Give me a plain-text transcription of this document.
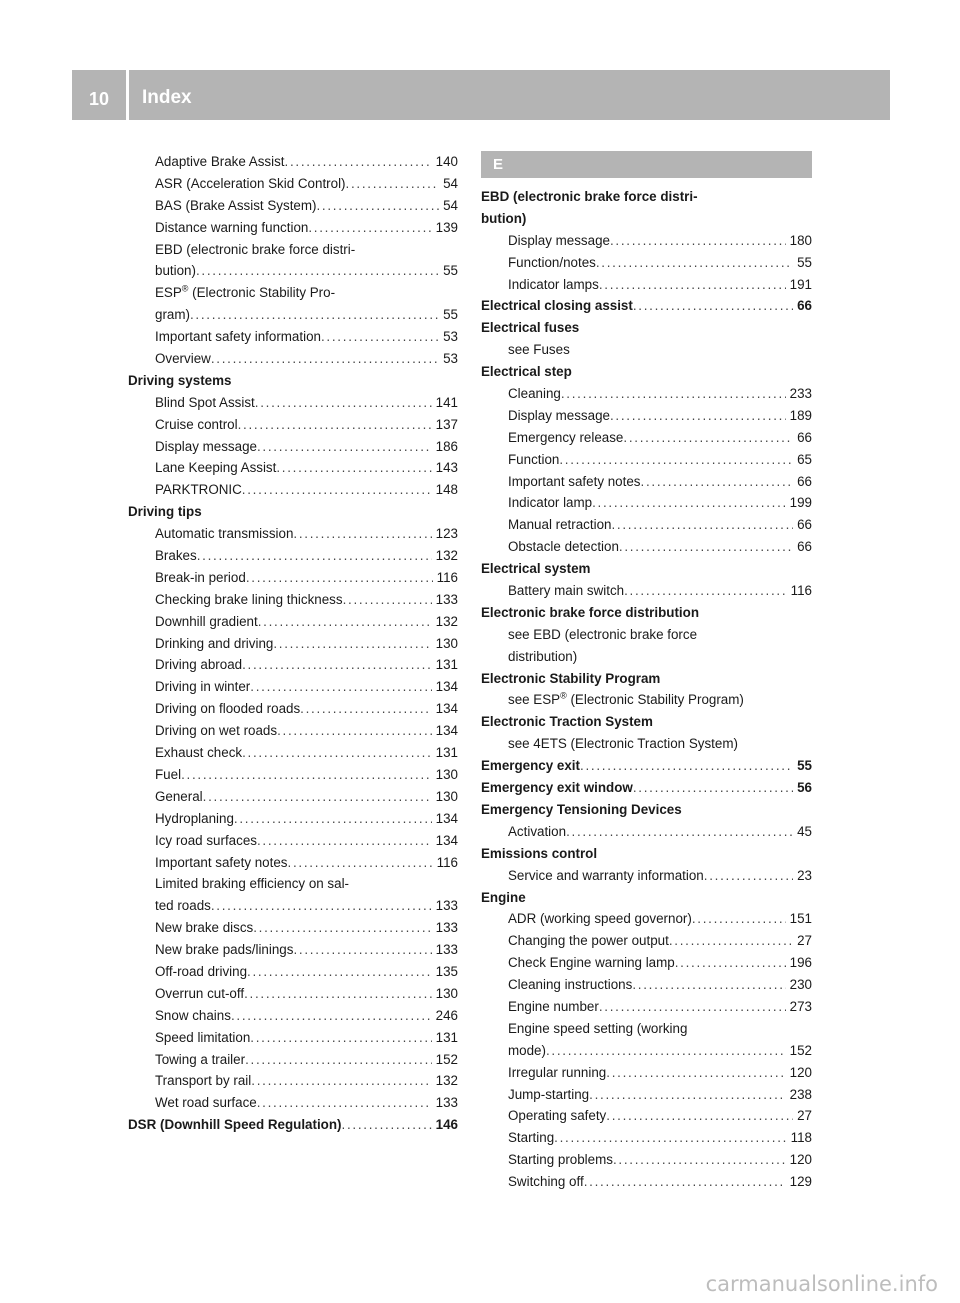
10	Index
Adaptive Brake Assist . . .	140
ASR (Acceleration Skid Control) . . .	54
BAS (Brake Assist System) . . .	54
Distance warning function . . .	139
EBD (electronic brake force distri-
bution) . . .	55
ESP® (Electronic Stability Pro-
gram) . . .	55
Important safety information . . .	53
Overview . . .	53
Driving systems
Blind Spot Assist . . .	141
Cruise control . . .	137
Display message . . .	186
Lane Keeping Assist . . .	143
PARKTRONIC . . .	148
Driving tips
Automatic transmission . . .	123
Brakes . . .	132
Break-in period . . .	116
Checking brake lining thickness . . .	133
Downhill gradient . . .	132
Drinking and driving . . .	130
Driving abroad . . .	131
Driving in winter . . .	134
Driving on flooded roads . . .	134
Driving on wet roads . . .	134
Exhaust check . . .	131
Fuel . . .	130
General . . .	130
Hydroplaning . . .	134
Icy road surfaces . . .	134
Important safety notes . . .	116
Limited braking efficiency on sal-
ted roads . . .	133
New brake discs . . .	133
New brake pads/linings . . .	133
Off-road driving . . .	135
Overrun cut-off . . .	130
Snow chains . . .	246
Speed limitation . . .	131
Towing a trailer . . .	152
Transport by rail . . .	132
Wet road surface . . .	133
DSR (Downhill Speed Regulation) . . .	146
E
EBD (electronic brake force distri-
bution)
Display message . . .	180
Function/notes . . .	55
Indicator lamps . . .	191
Electrical closing assist . . .	66
Electrical fuses
see Fuses
Electrical step
Cleaning . . .	233
Display message . . .	189
Emergency release . . .	66
Function . . .	65
Important safety notes . . .	66
Indicator lamp . . .	199
Manual retraction . . .	66
Obstacle detection . . .	66
Electrical system
Battery main switch . . .	116
Electronic brake force distribution
see EBD (electronic brake force
distribution)
Electronic Stability Program
see ESP® (Electronic Stability Program)
Electronic Traction System
see 4ETS (Electronic Traction System)
Emergency exit . . .	55
Emergency exit window . . .	56
Emergency Tensioning Devices
Activation . . .	45
Emissions control
Service and warranty information . . .	23
Engine
ADR (working speed governor) . . .	151
Changing the power output . . .	27
Check Engine warning lamp . . .	196
Cleaning instructions . . .	230
Engine number . . .	273
Engine speed setting (working
mode) . . .	152
Irregular running . . .	120
Jump-starting . . .	238
Operating safety . . .	27
Starting . . .	118
Starting problems . . .	120
Switching off . . .	129
carmanualsonline.info
